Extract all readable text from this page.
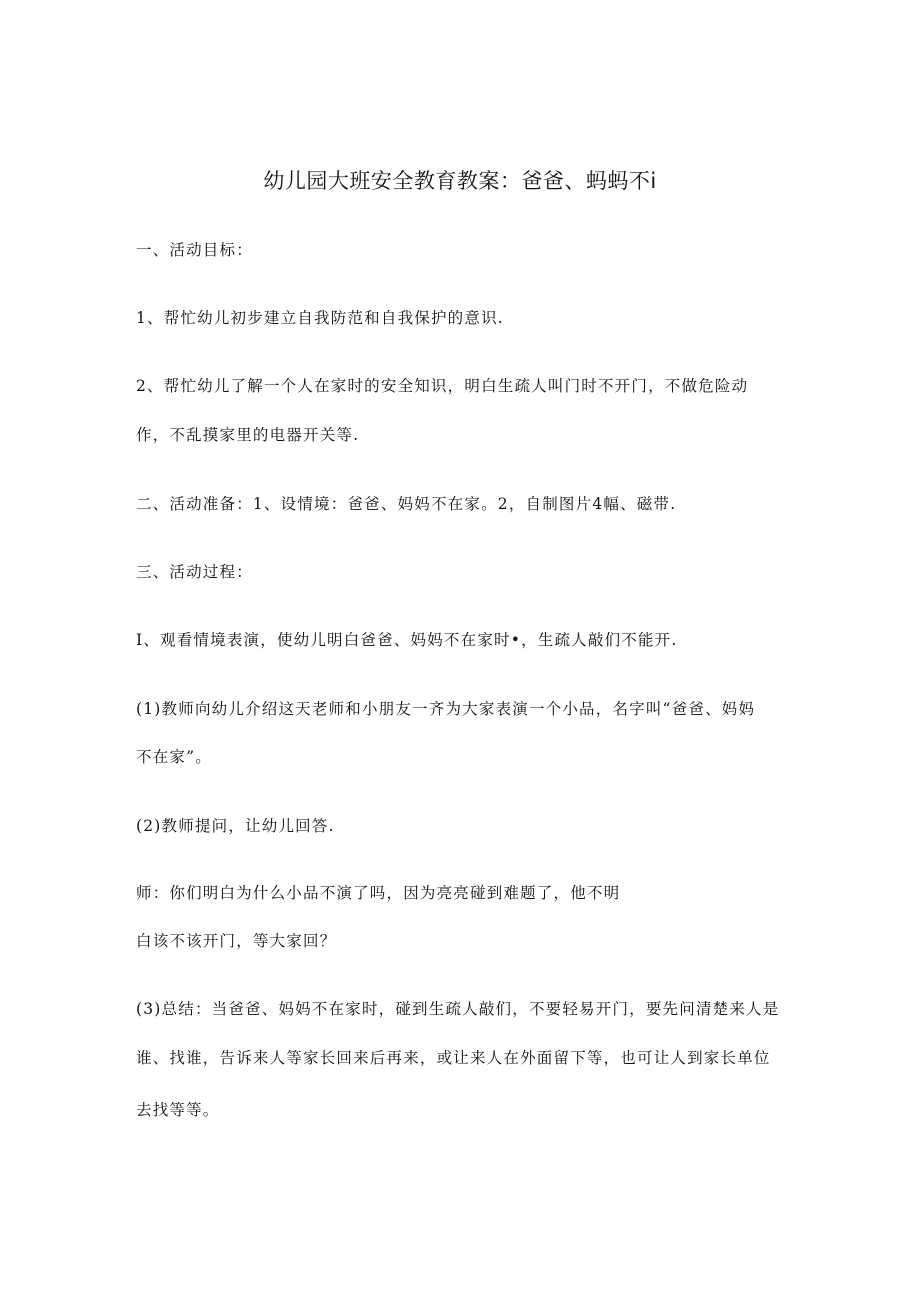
幼儿园大班安全教育教案：爸爸、蚂蚂不i

一、活动目标：

1、帮忙幼儿初步建立自我防范和自我保护的意识.

2、帮忙幼儿了解一个人在家时的安全知识，明白生疏人叫门时不开门，不做危险动

作，不乱摸家里的电器开关等.

二、活动准备：1、设情境：爸爸、妈妈不在家。2，自制图片4幅、磁带.

三、活动过程：

I、观看情境表演，使幼儿明白爸爸、妈妈不在家时•，生疏人敲们不能开.

(1)教师向幼儿介绍这天老师和小朋友一齐为大家表演一个小品，名字叫“爸爸、妈妈

不在家”。

(2)教师提问，让幼儿回答.

师：你们明白为什么小品不演了吗，因为亮亮碰到难题了，他不明

白该不该开门，等大家回？

(3)总结：当爸爸、妈妈不在家时，碰到生疏人敲们，不要轻易开门，要先问清楚来人是

谁、找谁，告诉来人等家长回来后再来，或让来人在外面留下等，也可让人到家长单位

去找等等。
